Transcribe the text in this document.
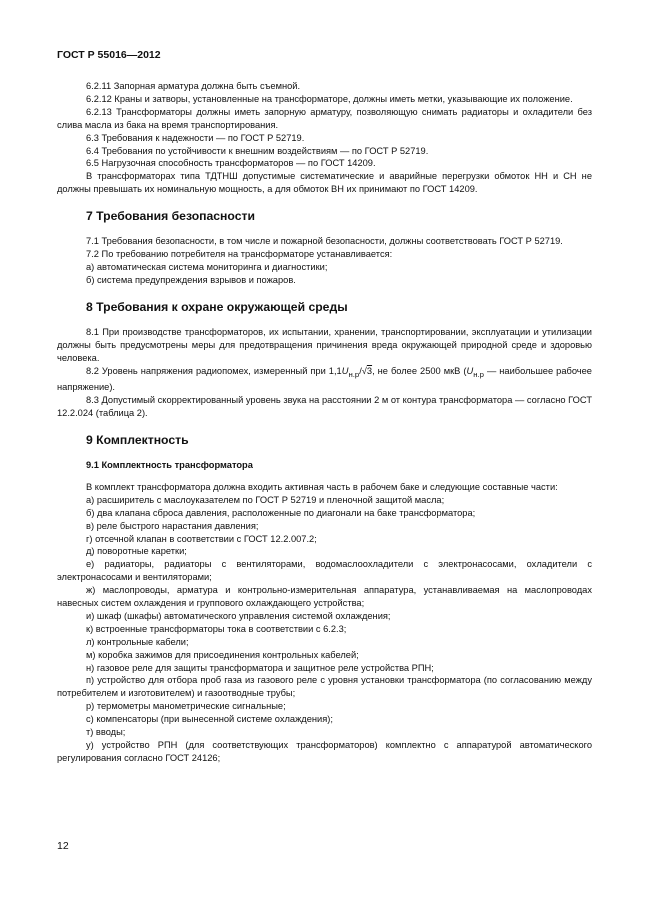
ГОСТ Р 55016—2012

6.2.11 Запорная арматура должна быть съемной.

6.2.12 Краны и затворы, установленные на трансформаторе, должны иметь метки, указывающие их положение.

6.2.13 Трансформаторы должны иметь запорную арматуру, позволяющую снимать радиаторы и охладители без слива масла из бака на время транспортирования.

6.3 Требования к надежности — по ГОСТ Р 52719.

6.4 Требования по устойчивости к внешним воздействиям — по ГОСТ Р 52719.

6.5 Нагрузочная способность трансформаторов — по ГОСТ 14209.

В трансформаторах типа ТДТНШ допустимые систематические и аварийные перегрузки обмоток НН и СН не должны превышать их номинальную мощность, а для обмоток ВН их принимают по ГОСТ 14209.

7 Требования безопасности

7.1 Требования безопасности, в том числе и пожарной безопасности, должны соответствовать ГОСТ Р 52719.

7.2 По требованию потребителя на трансформаторе устанавливается:

а) автоматическая система мониторинга и диагностики;

б) система предупреждения взрывов и пожаров.

8 Требования к охране окружающей среды

8.1 При производстве трансформаторов, их испытании, хранении, транспортировании, эксплуатации и утилизации должны быть предусмотрены меры для предотвращения причинения вреда окружающей природной среде и здоровью человека.

8.2 Уровень напряжения радиопомех, измеренный при $1,1U_{н.р}/√3$, не более 2500 мкВ ($U_{н.р}$ — наибольшее рабочее напряжение).

8.3 Допустимый скорректированный уровень звука на расстоянии 2 м от контура трансформатора — согласно ГОСТ 12.2.024 (таблица 2).

9 Комплектность
9.1 Комплектность трансформатора

В комплект трансформатора должна входить активная часть в рабочем баке и следующие составные части:

а) расширитель с маслоуказателем по ГОСТ Р 52719 и пленочной защитой масла;

б) два клапана сброса давления, расположенные по диагонали на баке трансформатора;

в) реле быстрого нарастания давления;

г) отсечной клапан в соответствии с ГОСТ 12.2.007.2;

д) поворотные каретки;

е) радиаторы, радиаторы с вентиляторами, водомаслоохладители с электронасосами, охладители с электронасосами и вентиляторами;

ж) маслопроводы, арматура и контрольно-измерительная аппаратура, устанавливаемая на маслопроводах навесных систем охлаждения и группового охлаждающего устройства;

и) шкаф (шкафы) автоматического управления системой охлаждения;

к) встроенные трансформаторы тока в соответствии с 6.2.3;

л) контрольные кабели;

м) коробка зажимов для присоединения контрольных кабелей;

н) газовое реле для защиты трансформатора и защитное реле устройства РПН;

п) устройство для отбора проб газа из газового реле с уровня установки трансформатора (по согласованию между потребителем и изготовителем) и газоотводные трубы;

р) термометры манометрические сигнальные;

с) компенсаторы (при вынесенной системе охлаждения);

т) вводы;

у) устройство РПН (для соответствующих трансформаторов) комплектно с аппаратурой автоматического регулирования согласно ГОСТ 24126;

12
